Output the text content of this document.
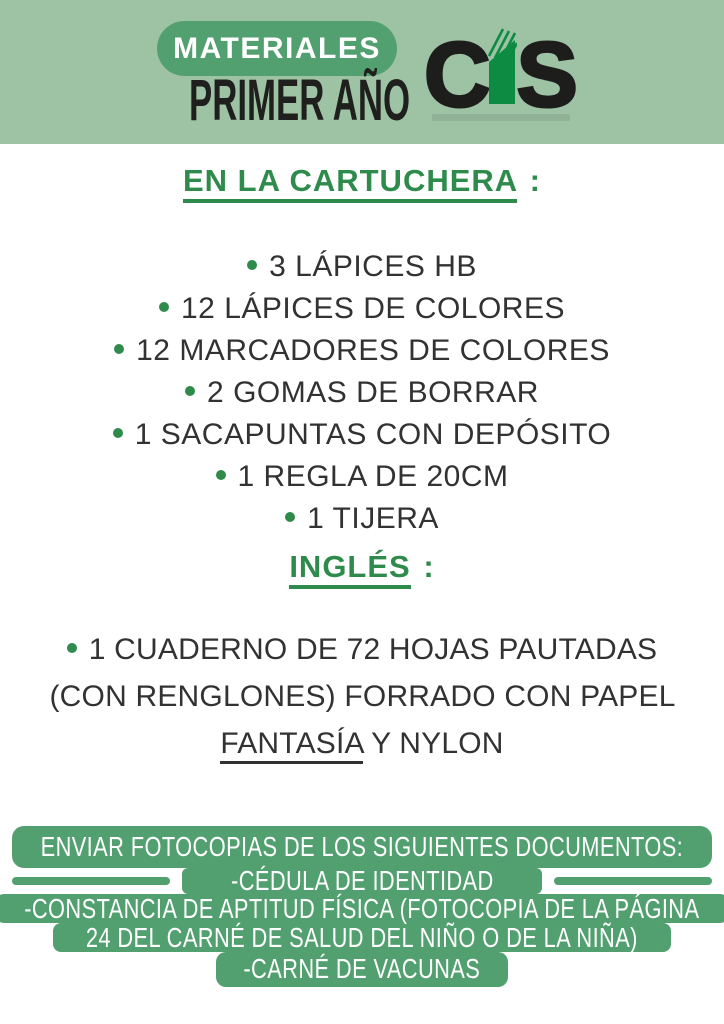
MATERIALES
PRIMER AÑO C S
EN LA CARTUCHERA :
3 LÁPICES HB
12 LÁPICES DE COLORES
12 MARCADORES DE COLORES
2 GOMAS DE BORRAR
1 SACAPUNTAS CON DEPÓSITO
1 REGLA DE 20CM
1 TIJERA
INGLÉS :

1 CUADERNO DE 72 HOJAS PAUTADAS (CON RENGLONES) FORRADO CON PAPEL FANTASÍA Y NYLON

ENVIAR FOTOCOPIAS DE LOS SIGUIENTES DOCUMENTOS:
-CÉDULA DE IDENTIDAD
-CONSTANCIA DE APTITUD FÍSICA (FOTOCOPIA DE LA PÁGINA
24 DEL CARNÉ DE SALUD DEL NIÑO O DE LA NIÑA)
-CARNÉ DE VACUNAS
